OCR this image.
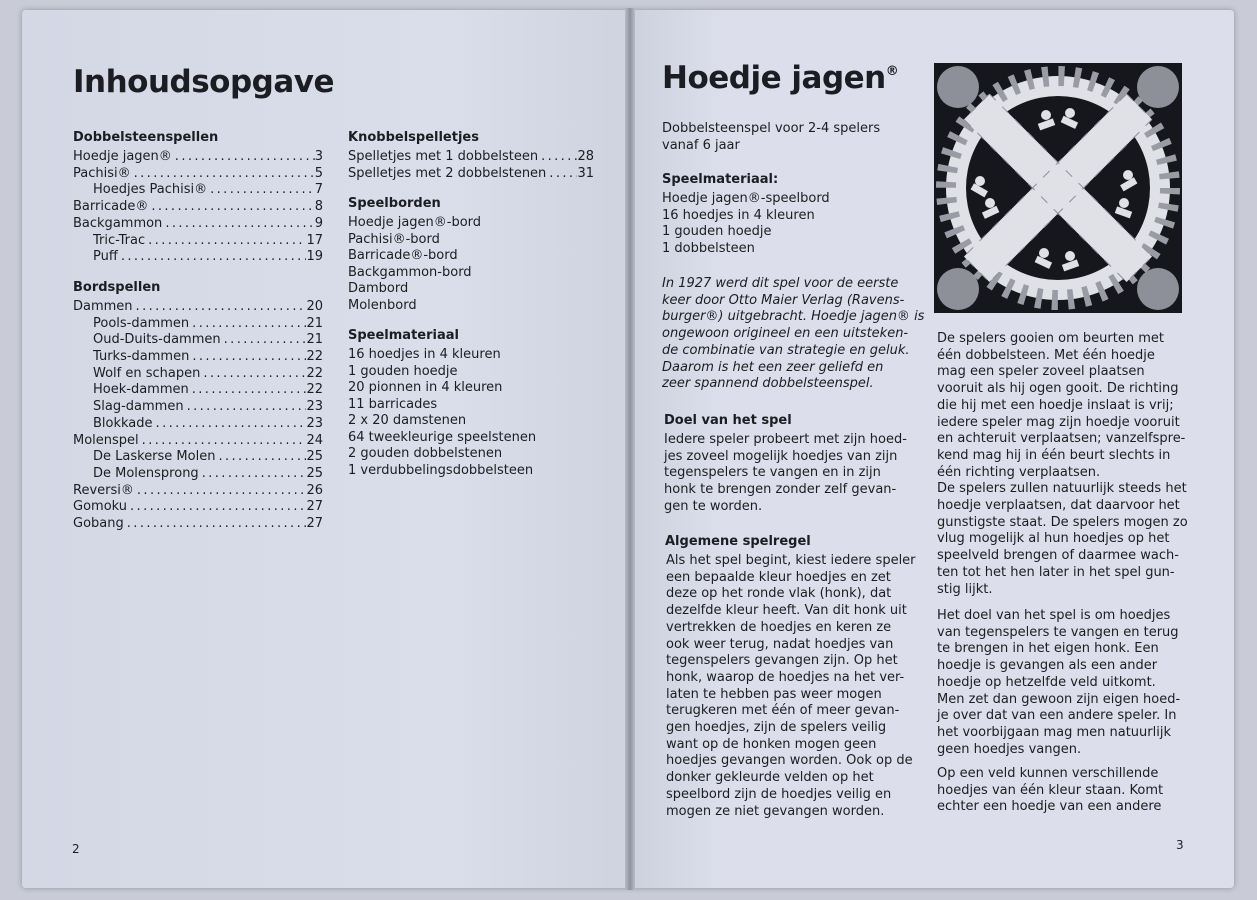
Inhoudsopgave
Dobbelsteenspellen
Hoedje jagen® .....	3
Pachisi® .....	5
Hoedjes Pachisi® .....	7
Barricade® .....	8
Backgammon .....	9
Tric-Trac .....	17
Puff .....	19
Bordspellen
Dammen .....	20
Pools-dammen .....	21
Oud-Duits-dammen .....	21
Turks-dammen .....	22
Wolf en schapen .....	22
Hoek-dammen .....	22
Slag-dammen .....	23
Blokkade .....	23
Molenspel .....	24
De Laskerse Molen .....	25
De Molensprong .....	25
Reversi® .....	26
Gomoku .....	27
Gobang .....	27
Knobbelspelletjes
Spelletjes met 1 dobbelsteen .....	28
Spelletjes met 2 dobbelstenen ..... 31
Speelborden
Hoedje jagen®-bord
Pachisi®-bord
Barricade®-bord
Backgammon-bord
Dambord
Molenbord
Speelmateriaal
16 hoedjes in 4 kleuren
1 gouden hoedje
20 pionnen in 4 kleuren
11 barricades
2 x 20 damstenen
64 tweekleurige speelstenen
2 gouden dobbelstenen
1 verdubbelingsdobbelsteen
2
Hoedje jagen®
Dobbelsteenspel voor 2-4 spelers
vanaf 6 jaar
Speelmateriaal:
Hoedje jagen®-speelbord
16 hoedjes in 4 kleuren
1 gouden hoedje
1 dobbelsteen
In 1927 werd dit spel voor de eerste
keer door Otto Maier Verlag (Ravens-
burger®) uitgebracht. Hoedje jagen® is
ongewoon origineel en een uitsteken-
de combinatie van strategie en geluk.
Daarom is het een zeer geliefd en
zeer spannend dobbelsteenspel.
Doel van het spel
Iedere speler probeert met zijn hoed-
jes zoveel mogelijk hoedjes van zijn
tegenspelers te vangen en in zijn
honk te brengen zonder zelf gevan-
gen te worden.
Algemene spelregel
Als het spel begint, kiest iedere speler
een bepaalde kleur hoedjes en zet
deze op het ronde vlak (honk), dat
dezelfde kleur heeft. Van dit honk uit
vertrekken de hoedjes en keren ze
ook weer terug, nadat hoedjes van
tegenspelers gevangen zijn. Op het
honk, waarop de hoedjes na het ver-
laten te hebben pas weer mogen
terugkeren met één of meer gevan-
gen hoedjes, zijn de spelers veilig
want op de honken mogen geen
hoedjes gevangen worden. Ook op de
donker gekleurde velden op het
speelbord zijn de hoedjes veilig en
mogen ze niet gevangen worden.
De spelers gooien om beurten met
één dobbelsteen. Met één hoedje
mag een speler zoveel plaatsen
vooruit als hij ogen gooit. De richting
die hij met een hoedje inslaat is vrij;
iedere speler mag zijn hoedje vooruit
en achteruit verplaatsen; vanzelfspre-
kend mag hij in één beurt slechts in
één richting verplaatsen.
De spelers zullen natuurlijk steeds het
hoedje verplaatsen, dat daarvoor het
gunstigste staat. De spelers mogen zo
vlug mogelijk al hun hoedjes op het
speelveld brengen of daarmee wach-
ten tot het hen later in het spel gun-
stig lijkt.
Het doel van het spel is om hoedjes
van tegenspelers te vangen en terug
te brengen in het eigen honk. Een
hoedje is gevangen als een ander
hoedje op hetzelfde veld uitkomt.
Men zet dan gewoon zijn eigen hoed-
je over dat van een andere speler. In
het voorbijgaan mag men natuurlijk
geen hoedjes vangen.
Op een veld kunnen verschillende
hoedjes van één kleur staan. Komt
echter een hoedje van een andere
3
